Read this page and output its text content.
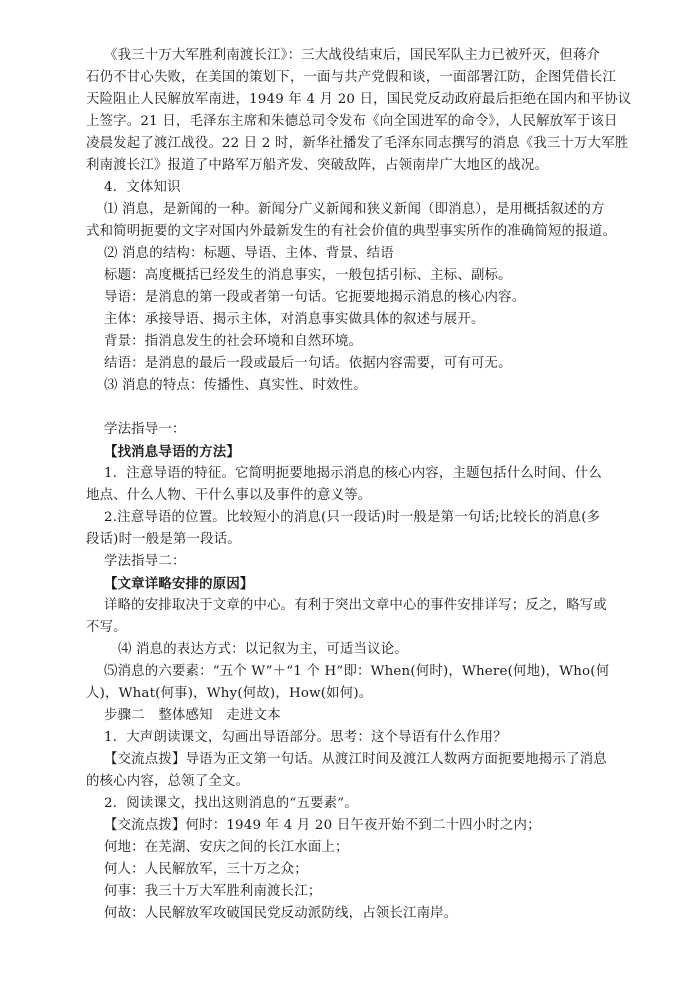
《我三十万大军胜利南渡长江》：三大战役结束后，国民军队主力已被歼灭，但蒋介
石仍不甘心失败，在美国的策划下，一面与共产党假和谈，一面部署江防，企图凭借长江
天险阻止人民解放军南进，1949 年 4 月 20 日，国民党反动政府最后拒绝在国内和平协议
上签字。21 日，毛泽东主席和朱德总司令发布《向全国进军的命令》，人民解放军于该日
凌晨发起了渡江战役。22 日 2 时，新华社播发了毛泽东同志撰写的消息《我三十万大军胜
利南渡长江》报道了中路军万船齐发、突破敌阵，占领南岸广大地区的战况。
4．文体知识
⑴ 消息，是新闻的一种。新闻分广义新闻和狭义新闻（即消息），是用概括叙述的方
式和简明扼要的文字对国内外最新发生的有社会价值的典型事实所作的准确简短的报道。
⑵ 消息的结构：标题、导语、主体、背景、结语
标题：高度概括已经发生的消息事实，一般包括引标、主标、副标。
导语：是消息的第一段或者第一句话。它扼要地揭示消息的核心内容。
主体：承接导语、揭示主体，对消息事实做具体的叙述与展开。
背景：指消息发生的社会环境和自然环境。
结语：是消息的最后一段或最后一句话。依据内容需要，可有可无。
⑶ 消息的特点：传播性、真实性、时效性。
学法指导一：
【找消息导语的方法】
1．注意导语的特征。它简明扼要地揭示消息的核心内容，主题包括什么时间、什么
地点、什么人物、干什么事以及事件的意义等。
2.注意导语的位置。比较短小的消息(只一段话)时一般是第一句话;比较长的消息(多
段话)时一般是第一段话。
学法指导二：
【文章详略安排的原因】
详略的安排取决于文章的中心。有利于突出文章中心的事件安排详写；反之，略写或
不写。
⑷ 消息的表达方式：以记叙为主，可适当议论。
⑸消息的六要素：“五个 W”＋“1 个 H”即：When(何时)，Where(何地)，Who(何
人)，What(何事)，Why(何故)，How(如何)。
步骤二　整体感知　走进文本
1．大声朗读课文，勾画出导语部分。思考：这个导语有什么作用？
【交流点拨】导语为正文第一句话。从渡江时间及渡江人数两方面扼要地揭示了消息
的核心内容，总领了全文。
2．阅读课文，找出这则消息的“五要素”。
【交流点拨】何时：1949 年 4 月 20 日午夜开始不到二十四小时之内；
何地：在芜湖、安庆之间的长江水面上；
何人：人民解放军，三十万之众；
何事：我三十万大军胜利南渡长江；
何故：人民解放军攻破国民党反动派防线，占领长江南岸。
